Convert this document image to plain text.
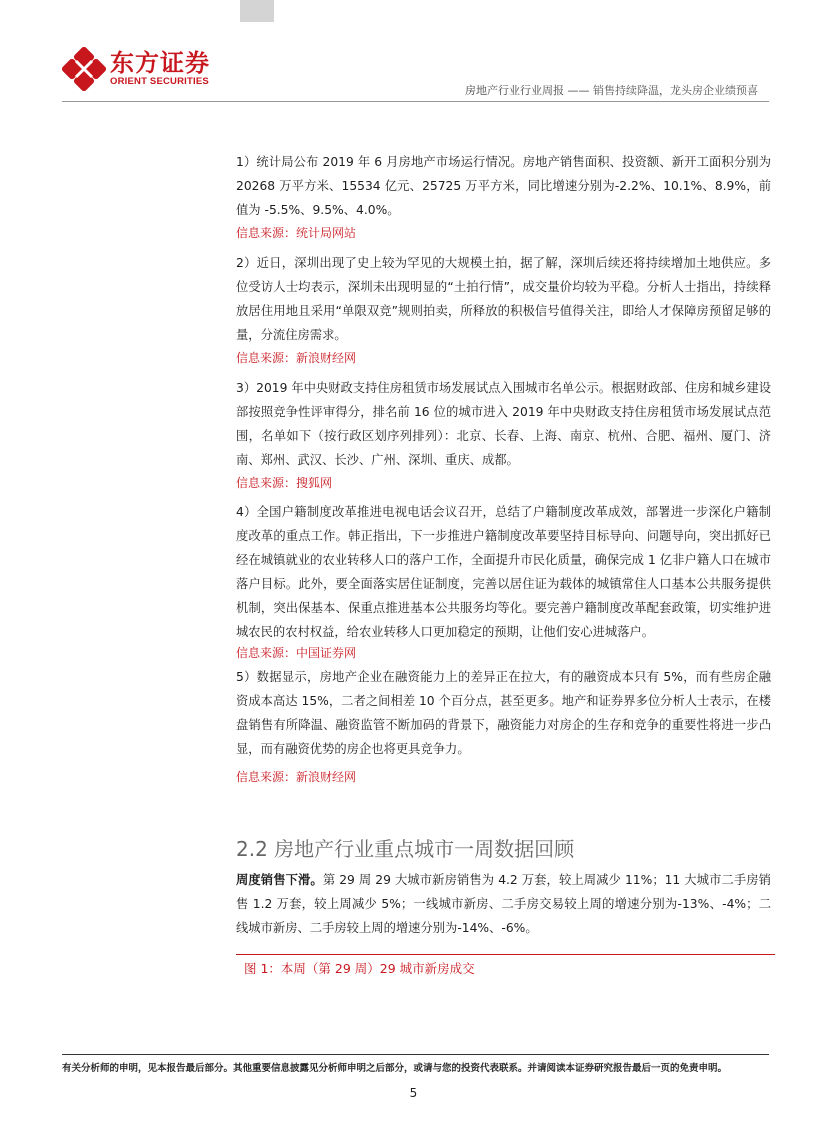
东方证券
ORIENT SECURITIES
房地产行业行业周报 —— 销售持续降温，龙头房企业绩预喜

1）统计局公布 2019 年 6 月房地产市场运行情况。房地产销售面积、投资额、新开工面积分别为 20268 万平方米、15534 亿元、25725 万平方米，同比增速分别为-2.2%、10.1%、8.9%，前值为 -5.5%、9.5%、4.0%。

信息来源：统计局网站

2）近日，深圳出现了史上较为罕见的大规模土拍，据了解，深圳后续还将持续增加土地供应。多位受访人士均表示，深圳未出现明显的“土拍行情”，成交量价均较为平稳。分析人士指出，持续释放居住用地且采用“单限双竞”规则拍卖，所释放的积极信号值得关注，即给人才保障房预留足够的量，分流住房需求。

信息来源：新浪财经网

3）2019 年中央财政支持住房租赁市场发展试点入围城市名单公示。根据财政部、住房和城乡建设部按照竞争性评审得分，排名前 16 位的城市进入 2019 年中央财政支持住房租赁市场发展试点范围，名单如下（按行政区划序列排列）：北京、长春、上海、南京、杭州、合肥、福州、厦门、济南、郑州、武汉、长沙、广州、深圳、重庆、成都。

信息来源：搜狐网

4）全国户籍制度改革推进电视电话会议召开，总结了户籍制度改革成效，部署进一步深化户籍制度改革的重点工作。韩正指出，下一步推进户籍制度改革要坚持目标导向、问题导向，突出抓好已经在城镇就业的农业转移人口的落户工作，全面提升市民化质量，确保完成 1 亿非户籍人口在城市落户目标。此外，要全面落实居住证制度，完善以居住证为载体的城镇常住人口基本公共服务提供机制，突出保基本、保重点推进基本公共服务均等化。要完善户籍制度改革配套政策，切实维护进城农民的农村权益，给农业转移人口更加稳定的预期，让他们安心进城落户。

信息来源：中国证券网

5）数据显示，房地产企业在融资能力上的差异正在拉大，有的融资成本只有 5%，而有些房企融资成本高达 15%，二者之间相差 10 个百分点，甚至更多。地产和证券界多位分析人士表示，在楼盘销售有所降温、融资监管不断加码的背景下，融资能力对房企的生存和竞争的重要性将进一步凸显，而有融资优势的房企也将更具竞争力。

信息来源：新浪财经网
2.2 房地产行业重点城市一周数据回顾

周度销售下滑。第 29 周 29 大城市新房销售为 4.2 万套，较上周减少 11%；11 大城市二手房销售 1.2 万套，较上周减少 5%；一线城市新房、二手房交易较上周的增速分别为-13%、-4%；二线城市新房、二手房较上周的增速分别为-14%、-6%。

图 1：本周（第 29 周）29 城市新房成交
有关分析师的申明，见本报告最后部分。其他重要信息披露见分析师申明之后部分，或请与您的投资代表联系。并请阅读本证券研究报告最后一页的免责申明。
5
